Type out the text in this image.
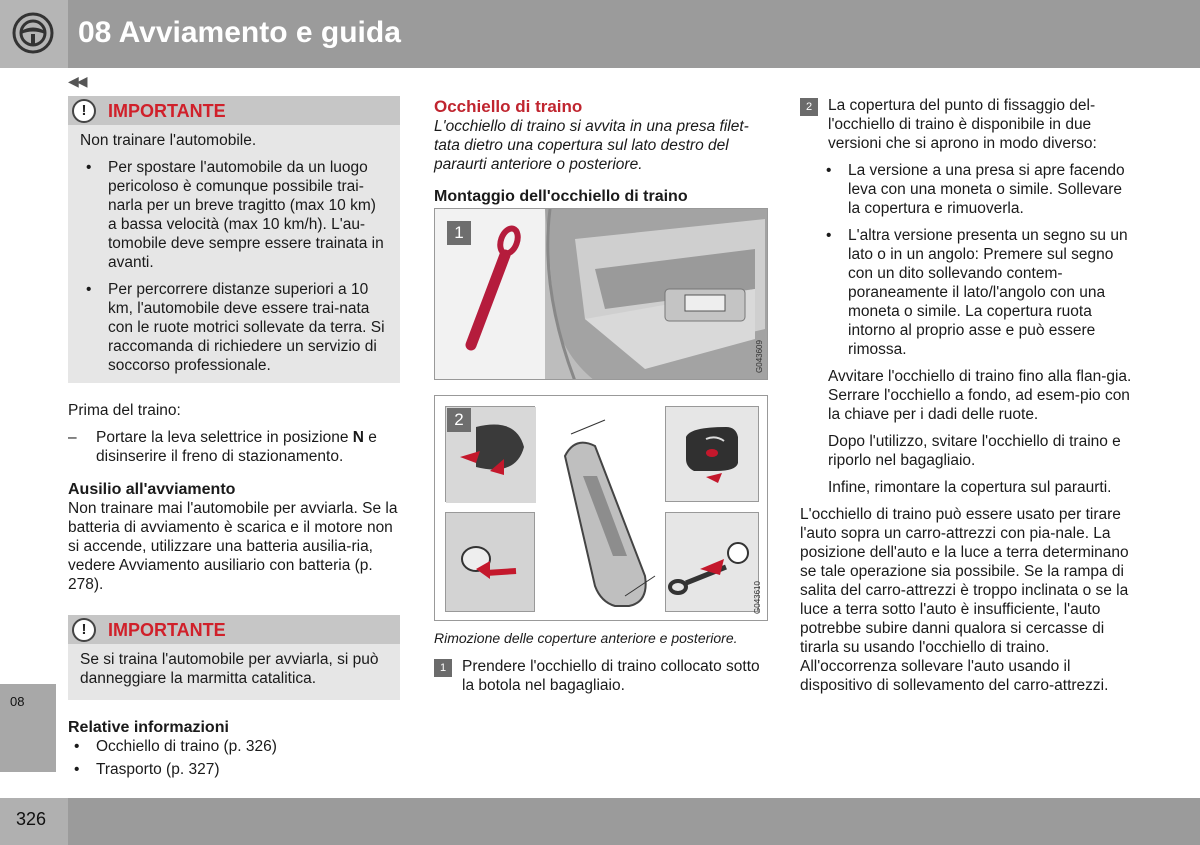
08 Avviamento e guida
◀◀
08
!	IMPORTANTE

Non trainare l'automobile.

• Per spostare l'automobile da un luogo pericoloso è comunque possibile trai-narla per un breve tragitto (max 10 km) a bassa velocità (max 10 km/h). L'au-tomobile deve sempre essere trainata in avanti.
• Per percorrere distanze superiori a 10 km, l'automobile deve essere trai-nata con le ruote motrici sollevate da terra. Si raccomanda di richiedere un servizio di soccorso professionale.

Prima del traino:

– Portare la leva selettrice in posizione N e disinserire il freno di stazionamento.

Ausilio all'avviamento

Non trainare mai l'automobile per avviarla. Se la batteria di avviamento è scarica e il motore non si accende, utilizzare una batteria ausilia-ria, vedere Avviamento ausiliario con batteria (p. 278).

!	IMPORTANTE

Se si traina l'automobile per avviarla, si può danneggiare la marmitta catalitica.

Relative informazioni

• Occhiello di traino (p. 326)
• Trasporto (p. 327)

Occhiello di traino

L'occhiello di traino si avvita in una presa filet-tata dietro una copertura sul lato destro del paraurti anteriore o posteriore.

Montaggio dell'occhiello di traino

1
G043609
2
G043610

Rimozione delle coperture anteriore e posteriore.

1	Prendere l'occhiello di traino collocato sotto la botola nel bagagliaio.

2	La copertura del punto di fissaggio del-l'occhiello di traino è disponibile in due versioni che si aprono in modo diverso:

• La versione a una presa si apre facendo leva con una moneta o simile. Sollevare la copertura e rimuoverla.
• L'altra versione presenta un segno su un lato o in un angolo: Premere sul segno con un dito sollevando contem-poraneamente il lato/l'angolo con una moneta o simile. La copertura ruota intorno al proprio asse e può essere rimossa.

Avvitare l'occhiello di traino fino alla flan-gia. Serrare l'occhiello a fondo, ad esem-pio con la chiave per i dadi delle ruote.

Dopo l'utilizzo, svitare l'occhiello di traino e riporlo nel bagagliaio.

Infine, rimontare la copertura sul paraurti.

L'occhiello di traino può essere usato per tirare l'auto sopra un carro-attrezzi con pia-nale. La posizione dell'auto e la luce a terra determinano se tale operazione sia possibile. Se la rampa di salita del carro-attrezzi è troppo inclinata o se la luce a terra sotto l'auto è insufficiente, l'auto potrebbe subire danni qualora si cercasse di tirarla su usando l'occhiello di traino. All'occorrenza sollevare l'auto usando il dispositivo di sollevamento del carro-attrezzi.

326
